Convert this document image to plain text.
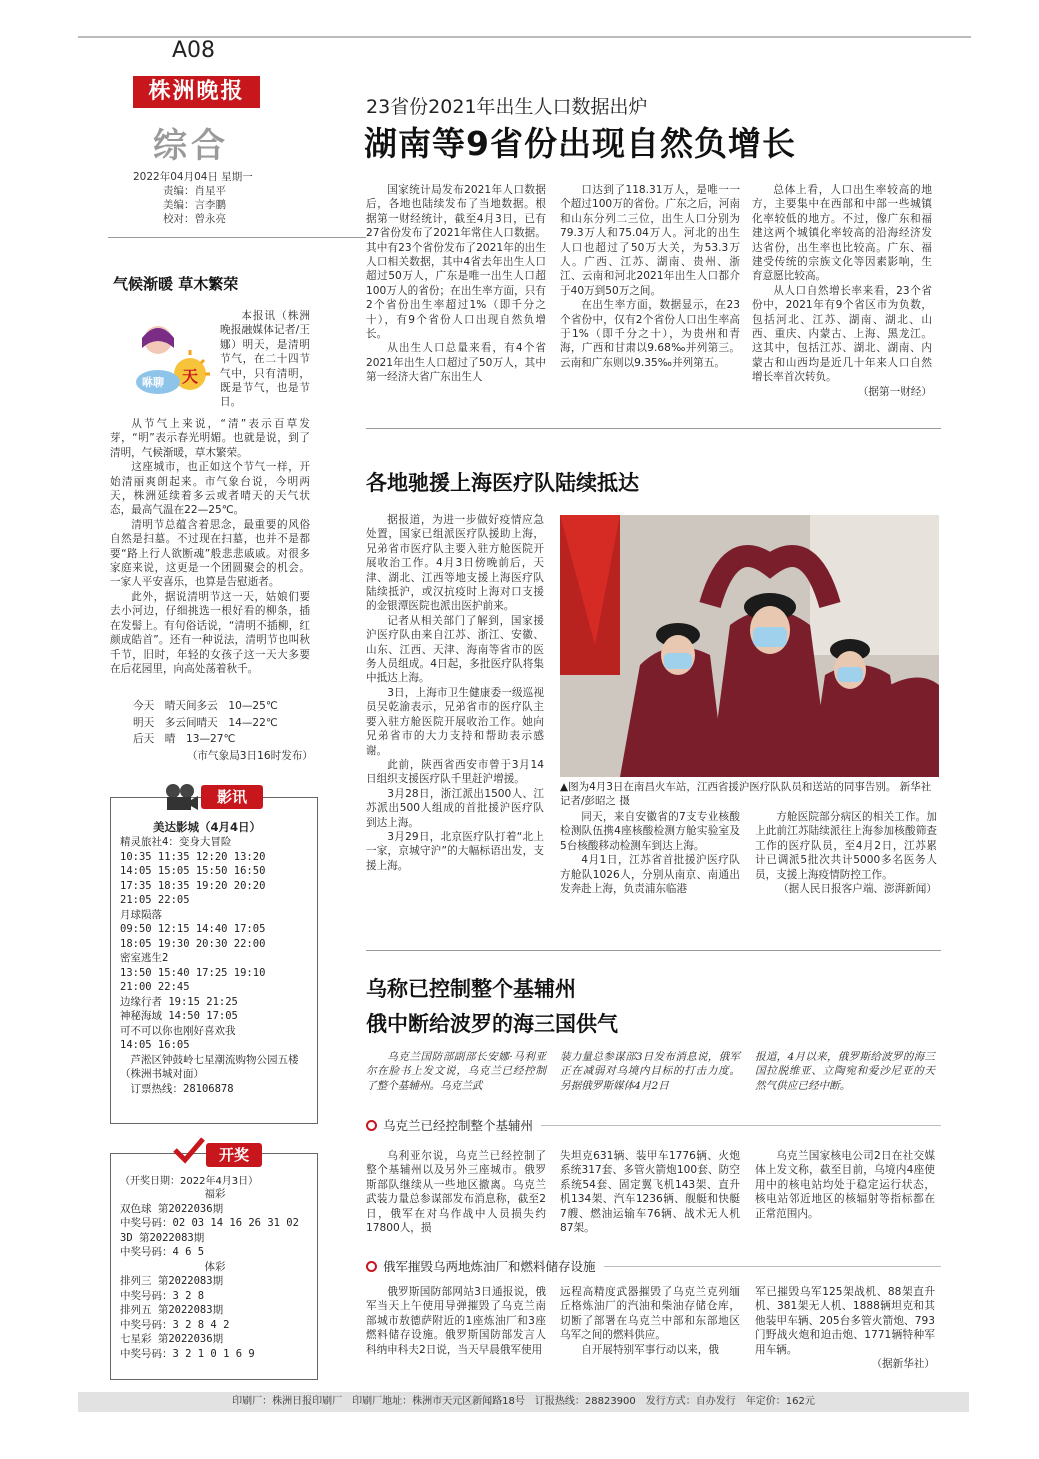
A08
株洲晚报
综合
2022年04月04日 星期一
责编：肖星平
美编：言李鹏
校对：曾永亮
23省份2021年出生人口数据出炉
湖南等9省份出现自然负增长

国家统计局发布2021年人口数据后，各地也陆续发布了当地数据。根据第一财经统计，截至4月3日，已有27省份发布了2021年常住人口数据。其中有23个省份发布了2021年的出生人口相关数据，其中4省去年出生人口超过50万人，广东是唯一出生人口超100万人的省份；在出生率方面，只有2个省份出生率超过1%（即千分之十），有9个省份人口出现自然负增长。

从出生人口总量来看，有4个省2021年出生人口超过了50万人，其中第一经济大省广东出生人

口达到了118.31万人，是唯一一个超过100万的省份。广东之后，河南和山东分列二三位，出生人口分别为79.3万人和75.04万人。河北的出生人口也超过了50万大关，为53.3万人。广西、江苏、湖南、贵州、浙江、云南和河北2021年出生人口都介于40万到50万之间。

在出生率方面，数据显示，在23个省份中，仅有2个省份人口出生率高于1%（即千分之十），为贵州和青海，广西和甘肃以9.68‰并列第三。云南和广东则以9.35‰并列第五。

总体上看，人口出生率较高的地方，主要集中在西部和中部一些城镇化率较低的地方。不过，像广东和福建这两个城镇化率较高的沿海经济发达省份，出生率也比较高。广东、福建受传统的宗族文化等因素影响，生育意愿比较高。

从人口自然增长率来看，23个省份中，2021年有9个省区市为负数，包括河北、江苏、湖南、湖北、山西、重庆、内蒙古、上海、黑龙江。这其中，包括江苏、湖北、湖南、内蒙古和山西均是近几十年来人口自然增长率首次转负。

（据第一财经）

气候渐暖 草木繁荣
天
咻聊

本报讯（株洲晚报融媒体记者/王娜）明天，是清明节气，在二十四节气中，只有清明，既是节气，也是节日。

从节气上来说，“清”表示百草发芽，“明”表示春光明媚。也就是说，到了清明，气候渐暖，草木繁荣。

这座城市，也正如这个节气一样，开始清丽爽朗起来。市气象台说，今明两天，株洲延续着多云或者晴天的天气状态，最高气温在22—25℃。

清明节总蕴含着思念，最重要的风俗自然是扫墓。不过现在扫墓，也并不是都要“路上行人欲断魂”般悲悲戚戚。对很多家庭来说，这更是一个团圆聚会的机会。一家人平安喜乐，也算是告慰逝者。

此外，据说清明节这一天，姑娘们要去小河边，仔细挑选一根好看的柳条，插在发髻上。有句俗话说，“清明不插柳，红颜成皓首”。还有一种说法，清明节也叫秋千节，旧时，年轻的女孩子这一天大多要在后花园里，向高处荡着秋千。

今天　晴天间多云　10—25℃
明天　多云间晴天　14—22℃
后天　晴　13—27℃
（市气象局3日16时发布）
影讯
美达影城（4月4日）
精灵旅社4：变身大冒险
10:35 11:35 12:20 13:20
14:05 15:05 15:50 16:50
17:35 18:35 19:20 20:20
21:05 22:05
月球陨落
09:50 12:15 14:40 17:05
18:05 19:30 20:30 22:00
密室逃生2
13:50 15:40 17:25 19:10
21:00 22:45
边缘行者 19:15 21:25
神秘海域 14:50 17:05
可不可以你也刚好喜欢我
14:05 16:05
　芦淞区钟鼓岭七星潮流购物公园五楼（株洲书城对面）
　订票热线：28106878
开奖
（开奖日期：2022年4月3日）
福彩
双色球 第2022036期
中奖号码：02 03 14 16 26 31 02
3D 第2022083期
中奖号码：4 6 5
体彩
排列三 第2022083期
中奖号码：3 2 8
排列五 第2022083期
中奖号码：3 2 8 4 2
七星彩 第2022036期
中奖号码：3 2 1 0 1 6 9
各地驰援上海医疗队陆续抵达

据报道，为进一步做好疫情应急处置，国家已组派医疗队援助上海，兄弟省市医疗队主要入驻方舱医院开展收治工作。4月3日傍晚前后，天津、湖北、江西等地支援上海医疗队陆续抵沪，或汉抗疫时上海对口支援的金银潭医院也派出医护前来。

记者从相关部门了解到，国家援沪医疗队由来自江苏、浙江、安徽、山东、江西、天津、海南等省市的医务人员组成。4日起，多批医疗队将集中抵达上海。

3日，上海市卫生健康委一级巡视员吴乾渝表示，兄弟省市的医疗队主要入驻方舱医院开展收治工作。她向兄弟省市的大力支持和帮助表示感谢。

此前，陕西省西安市曾于3月14日组织支援医疗队千里赶沪增援。

3月28日，浙江派出1500人、江苏派出500人组成的首批援沪医疗队到达上海。

3月29日，北京医疗队打着“北上一家，京城守沪”的大幅标语出发，支援上海。

▲图为4月3日在南昌火车站，江西省援沪医疗队队员和送站的同事告别。 新华社记者/彭昭之 摄

同天，来自安徽省的7支专业核酸检测队伍携4座核酸检测方舱实验室及5台核酸移动检测车到达上海。

4月1日，江苏省首批援沪医疗队方舱队1026人，分别从南京、南通出发奔赴上海，负责浦东临港

方舱医院部分病区的相关工作。加上此前江苏陆续派往上海参加核酸筛查工作的医疗队员，至4月2日，江苏累计已调派5批次共计5000多名医务人员，支援上海疫情防控工作。

（据人民日报客户端、澎湃新闻）

乌称已控制整个基辅州
俄中断给波罗的海三国供气

乌克兰国防部副部长安娜·马利亚尔在脸书上发文说，乌克兰已经控制了整个基辅州。乌克兰武

装力量总参谋部3日发布消息说，俄军正在减弱对乌境内目标的打击力度。另据俄罗斯媒体4月2日

报道，4月以来，俄罗斯给波罗的海三国拉脱维亚、立陶宛和爱沙尼亚的天然气供应已经中断。

乌克兰已经控制整个基辅州

乌利亚尔说，乌克兰已经控制了整个基辅州以及另外三座城市。俄罗斯部队继续从一些地区撤离。乌克兰武装力量总参谋部发布消息称，截至2日，俄军在对乌作战中人员损失约17800人，损

失坦克631辆、装甲车1776辆、火炮系统317套、多管火箭炮100套、防空系统54套、固定翼飞机143架、直升机134架、汽车1236辆、舰艇和快艇7艘、燃油运输车76辆、战术无人机87架。

乌克兰国家核电公司2日在社交媒体上发文称，截至目前，乌境内4座使用中的核电站均处于稳定运行状态，核电站邻近地区的核辐射等指标都在正常范围内。

俄军摧毁乌两地炼油厂和燃料储存设施

俄罗斯国防部网站3日通报说，俄军当天上午使用导弹摧毁了乌克兰南部城市敖德萨附近的1座炼油厂和3座燃料储存设施。俄罗斯国防部发言人科纳申科夫2日说，当天早晨俄军使用

远程高精度武器摧毁了乌克兰克列缅丘格炼油厂的汽油和柴油存储仓库，切断了部署在乌克兰中部和东部地区乌军之间的燃料供应。

自开展特别军事行动以来，俄

军已摧毁乌军125架战机、88架直升机、381架无人机、1888辆坦克和其他装甲车辆、205台多管火箭炮、793门野战火炮和迫击炮、1771辆特种军用车辆。

（据新华社）

印刷厂：株洲日报印刷厂　印刷厂地址：株洲市天元区新闻路18号　订报热线：28823900　发行方式：自办发行　年定价：162元
